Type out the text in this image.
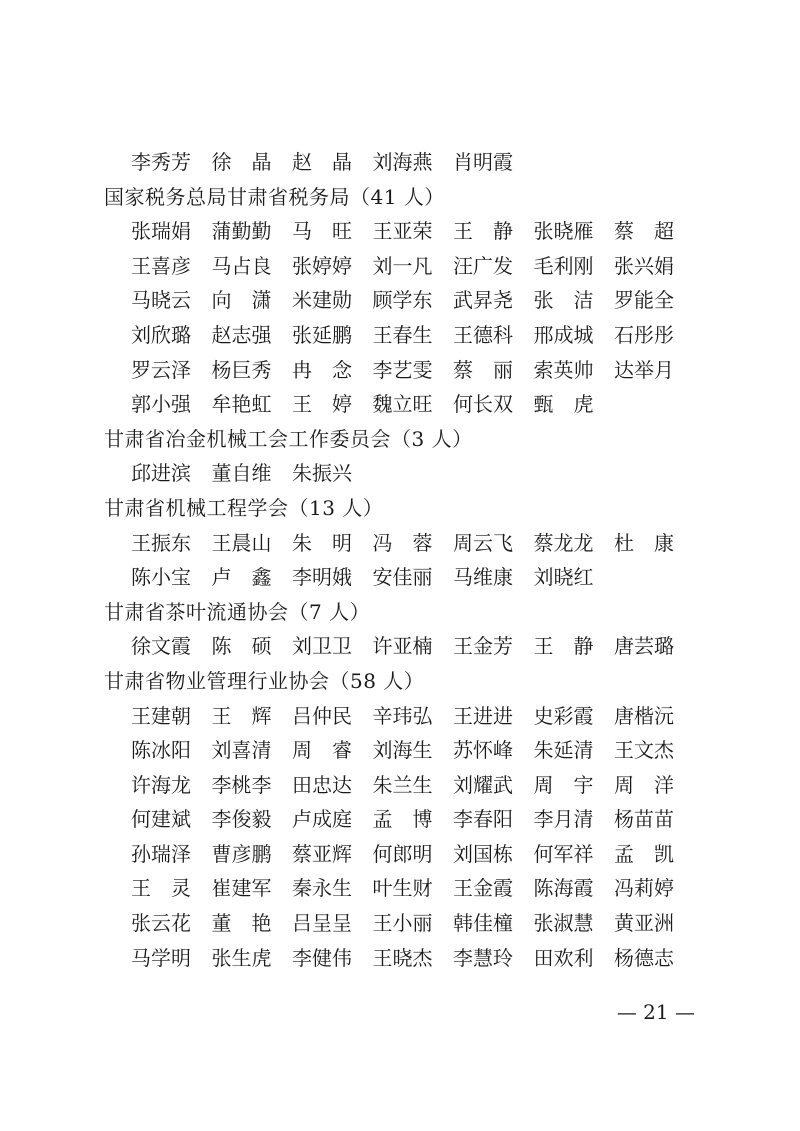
李秀芳	徐　晶	赵　晶	刘海燕	肖明霞
国家税务总局甘肃省税务局（41 人）
张瑞娟	蒲勤勤	马　旺	王亚荣	王　静	张晓雁	蔡　超
王喜彦	马占良	张婷婷	刘一凡	汪广发	毛利刚	张兴娟
马晓云	向　潇	米建勋	顾学东	武昇尧	张　洁	罗能全
刘欣璐	赵志强	张延鹏	王春生	王德科	邢成城	石彤彤
罗云泽	杨巨秀	冉　念	李艺雯	蔡　丽	索英帅	达举月
郭小强	牟艳虹	王　婷	魏立旺	何长双	甄　虎
甘肃省冶金机械工会工作委员会（3 人）
邱进滨	董自维	朱振兴
甘肃省机械工程学会（13 人）
王振东	王晨山	朱　明	冯　蓉	周云飞	蔡龙龙	杜　康
陈小宝	卢　鑫	李明娥	安佳丽	马维康	刘晓红
甘肃省茶叶流通协会（7 人）
徐文霞	陈　硕	刘卫卫	许亚楠	王金芳	王　静	唐芸璐
甘肃省物业管理行业协会（58 人）
王建朝	王　辉	吕仲民	辛玮弘	王进进	史彩霞	唐楷沅
陈冰阳	刘喜清	周　睿	刘海生	苏怀峰	朱延清	王文杰
许海龙	李桃李	田忠达	朱兰生	刘耀武	周　宇	周　洋
何建斌	李俊毅	卢成庭	孟　博	李春阳	李月清	杨苗苗
孙瑞泽	曹彦鹏	蔡亚辉	何郎明	刘国栋	何军祥	孟　凯
王　灵	崔建军	秦永生	叶生财	王金霞	陈海霞	冯莉婷
张云花	董　艳	吕呈呈	王小丽	韩佳橦	张淑慧	黄亚洲
马学明	张生虎	李健伟	王晓杰	李慧玲	田欢利	杨德志
— 21 —
